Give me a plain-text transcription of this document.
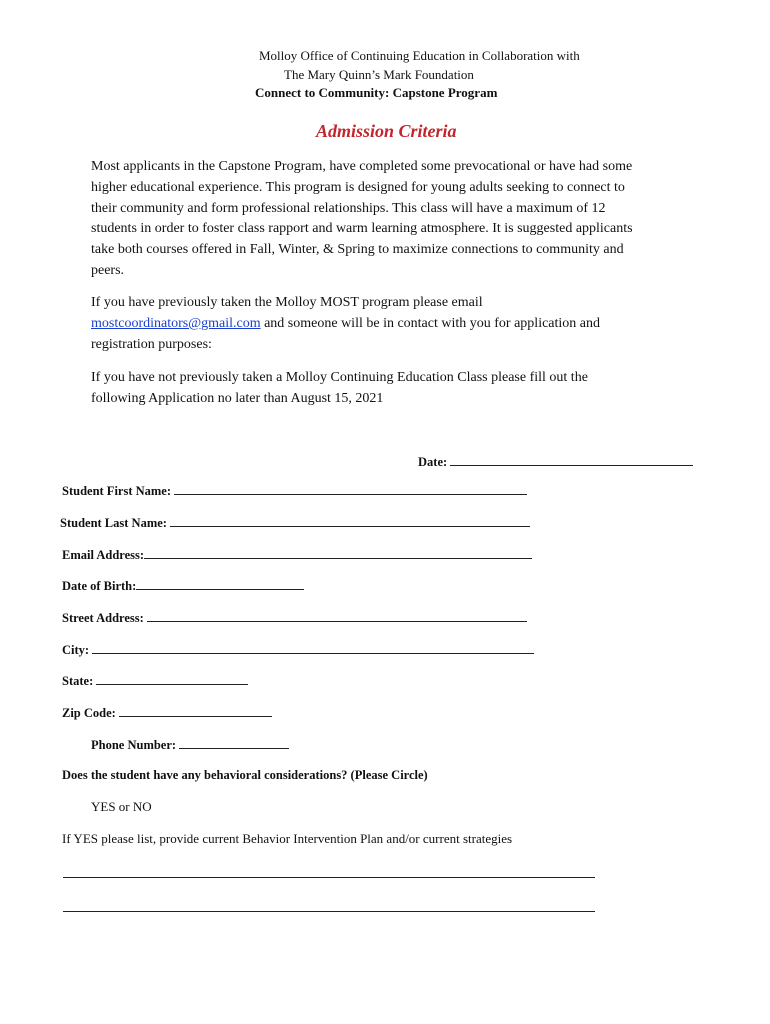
Molloy Office of Continuing Education in Collaboration with
The Mary Quinn’s Mark Foundation
Connect to Community: Capstone Program
Admission Criteria
Most applicants in the Capstone Program, have completed some prevocational or have had some
higher educational experience. This program is designed for young adults seeking to connect to
their community and form professional relationships. This class will have a maximum of 12
students in order to foster class rapport and warm learning atmosphere. It is suggested applicants
take both courses offered in Fall, Winter, & Spring to maximize connections to community and
peers.
If you have previously taken the Molloy MOST program please email
mostcoordinators@gmail.com and someone will be in contact with you for application and
registration purposes:
If you have not previously taken a Molloy Continuing Education Class please fill out the
following Application no later than August 15, 2021
Date:
Student First Name:
Student Last Name:
Email Address:
Date of Birth:
Street Address:
City:
State:
Zip Code:
Phone Number:
Does the student have any behavioral considerations? (Please Circle)
YES or NO
If YES please list, provide current Behavior Intervention Plan and/or current strategies
